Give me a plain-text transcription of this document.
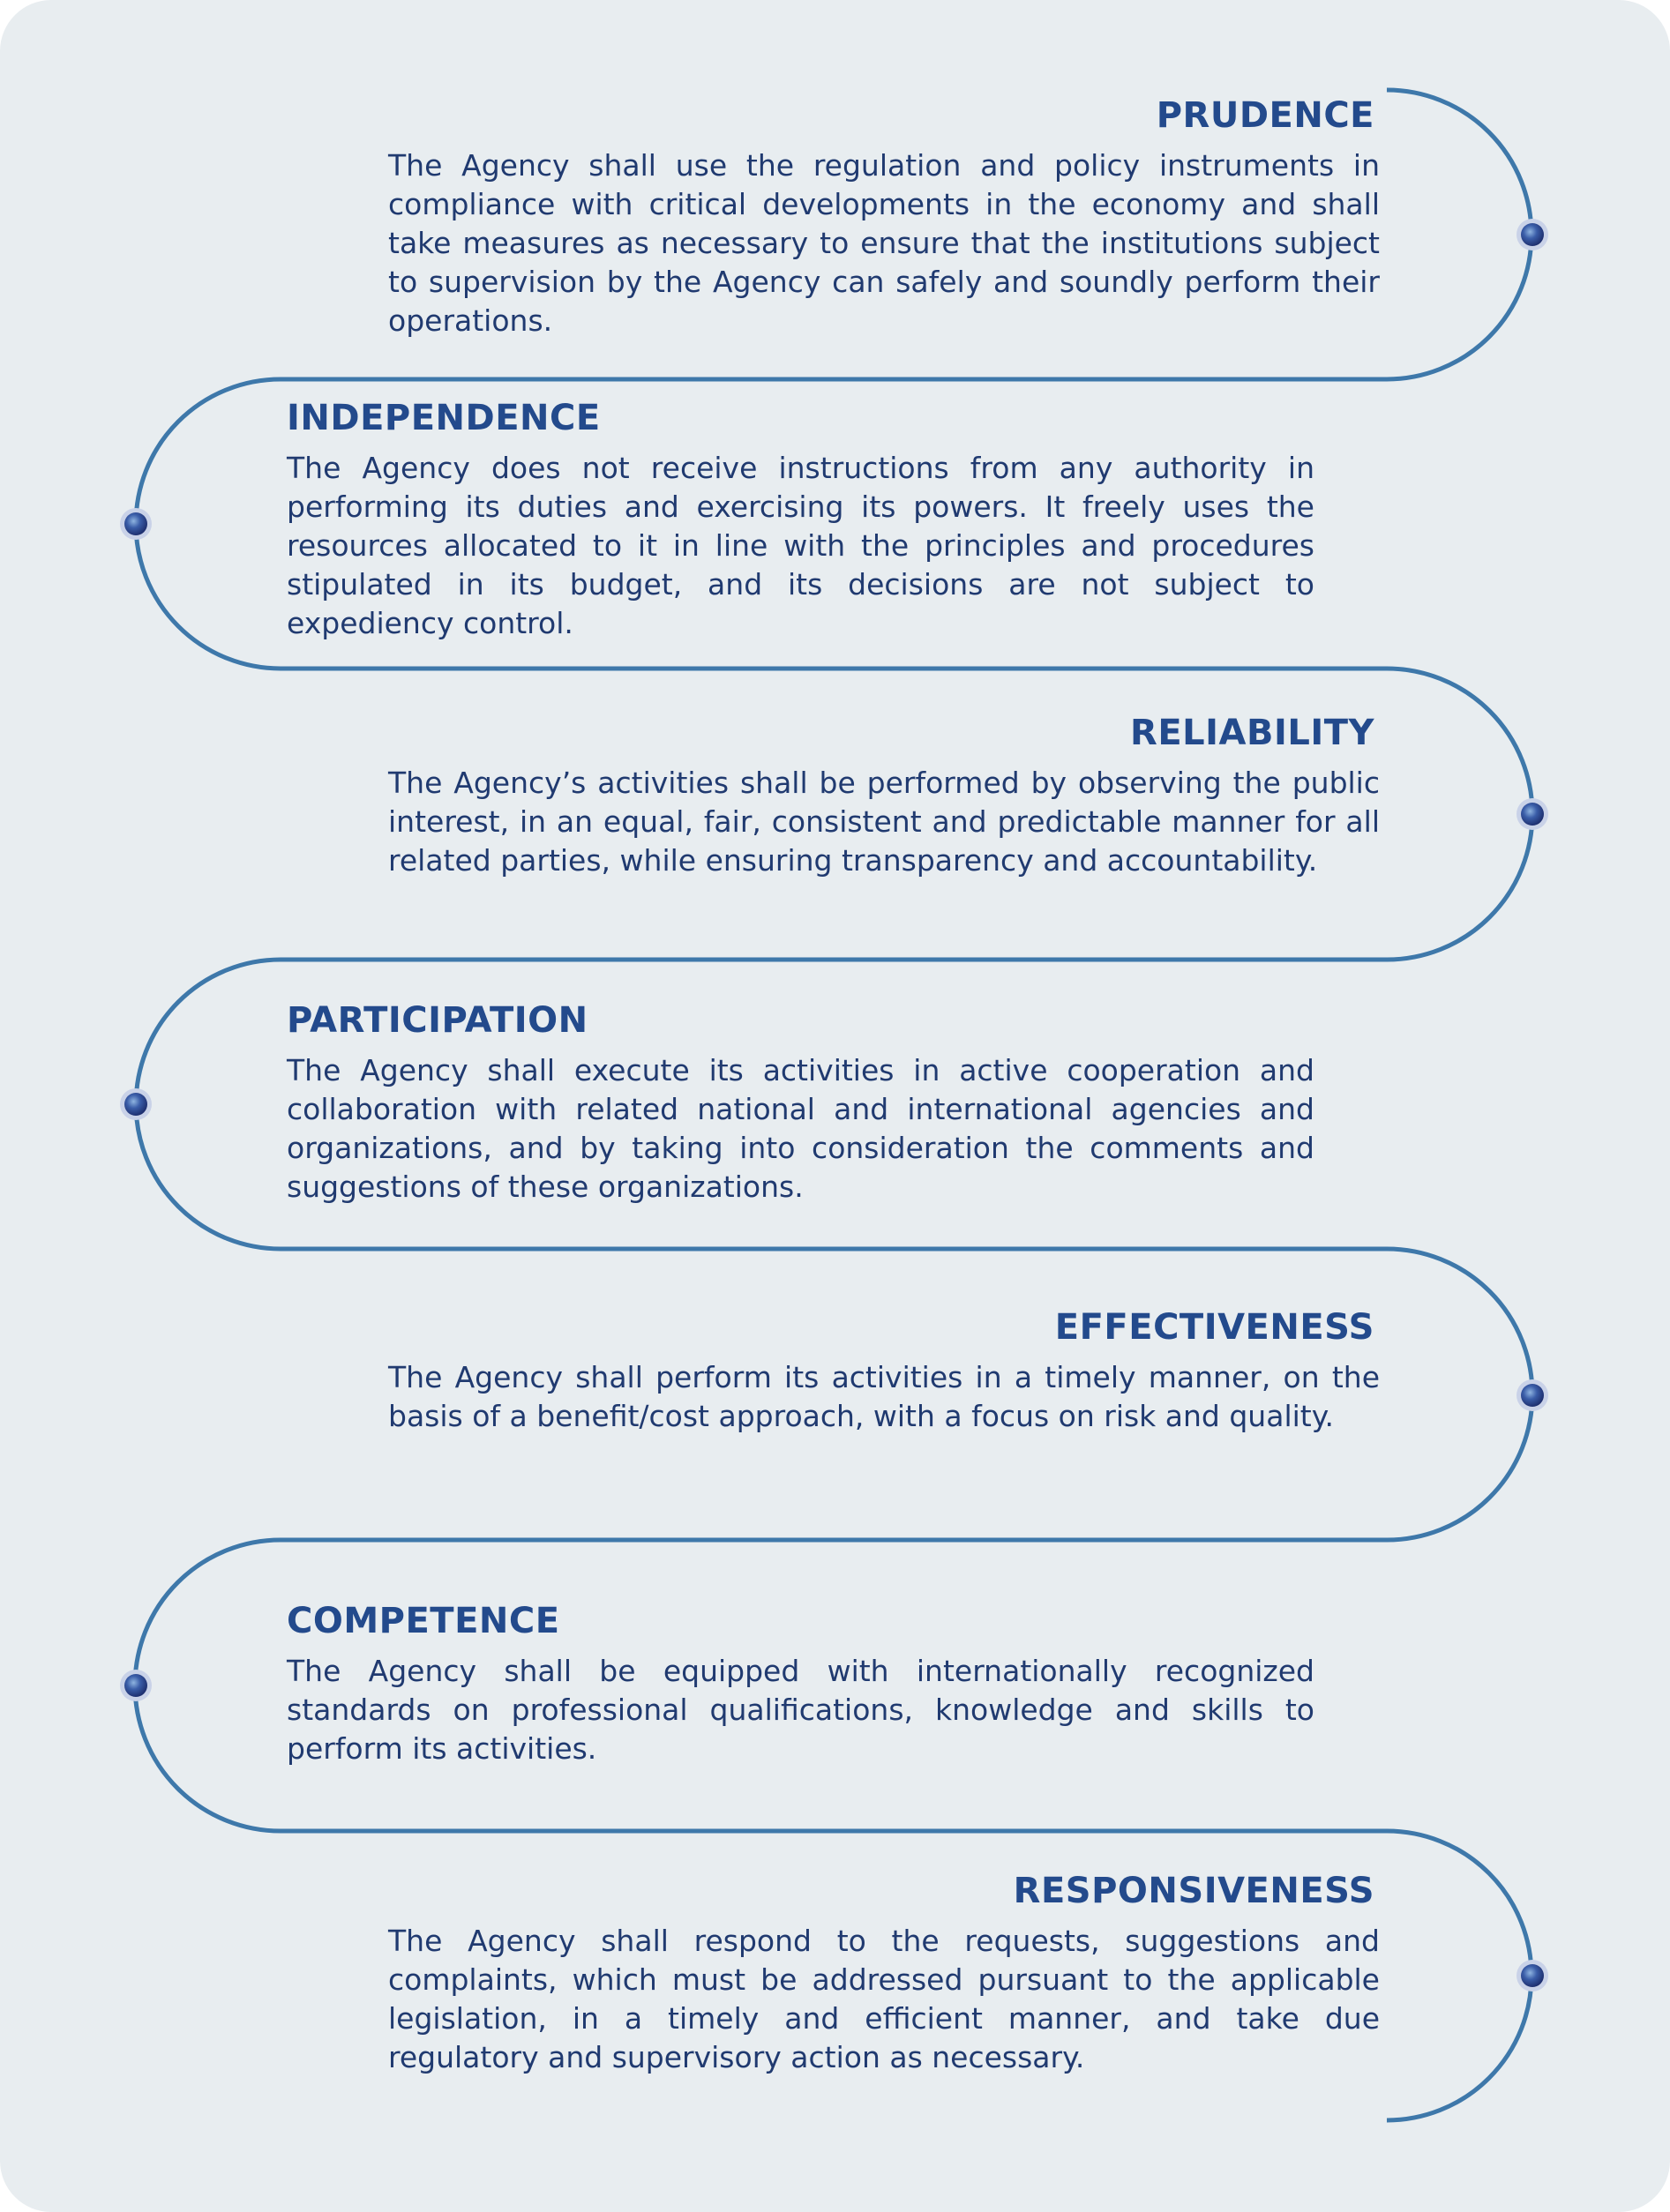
PRUDENCE

The Agency shall use the regulation and policy instruments in compliance with critical developments in the economy and shall take measures as necessary to ensure that the institutions subject to supervision by the Agency can safely and soundly perform their operations.

INDEPENDENCE

The Agency does not receive instructions from any authority in performing its duties and exercising its powers. It freely uses the resources allocated to it in line with the principles and procedures stipulated in its budget, and its decisions are not subject to expediency control.

RELIABILITY

The Agency’s activities shall be performed by observing the public interest, in an equal, fair, consistent and predictable manner for all related parties, while ensuring transparency and accountability.

PARTICIPATION

The Agency shall execute its activities in active cooperation and collaboration with related national and international agencies and organizations, and by taking into consideration the comments and suggestions of these organizations.

EFFECTIVENESS

The Agency shall perform its activities in a timely manner, on the basis of a benefit/cost approach, with a focus on risk and quality.

COMPETENCE

The Agency shall be equipped with internationally recognized standards on professional qualifications, knowledge and skills to perform its activities.

RESPONSIVENESS

The Agency shall respond to the requests, suggestions and complaints, which must be addressed pursuant to the applicable legislation, in a timely and efficient manner, and take due regulatory and supervisory action as necessary.
